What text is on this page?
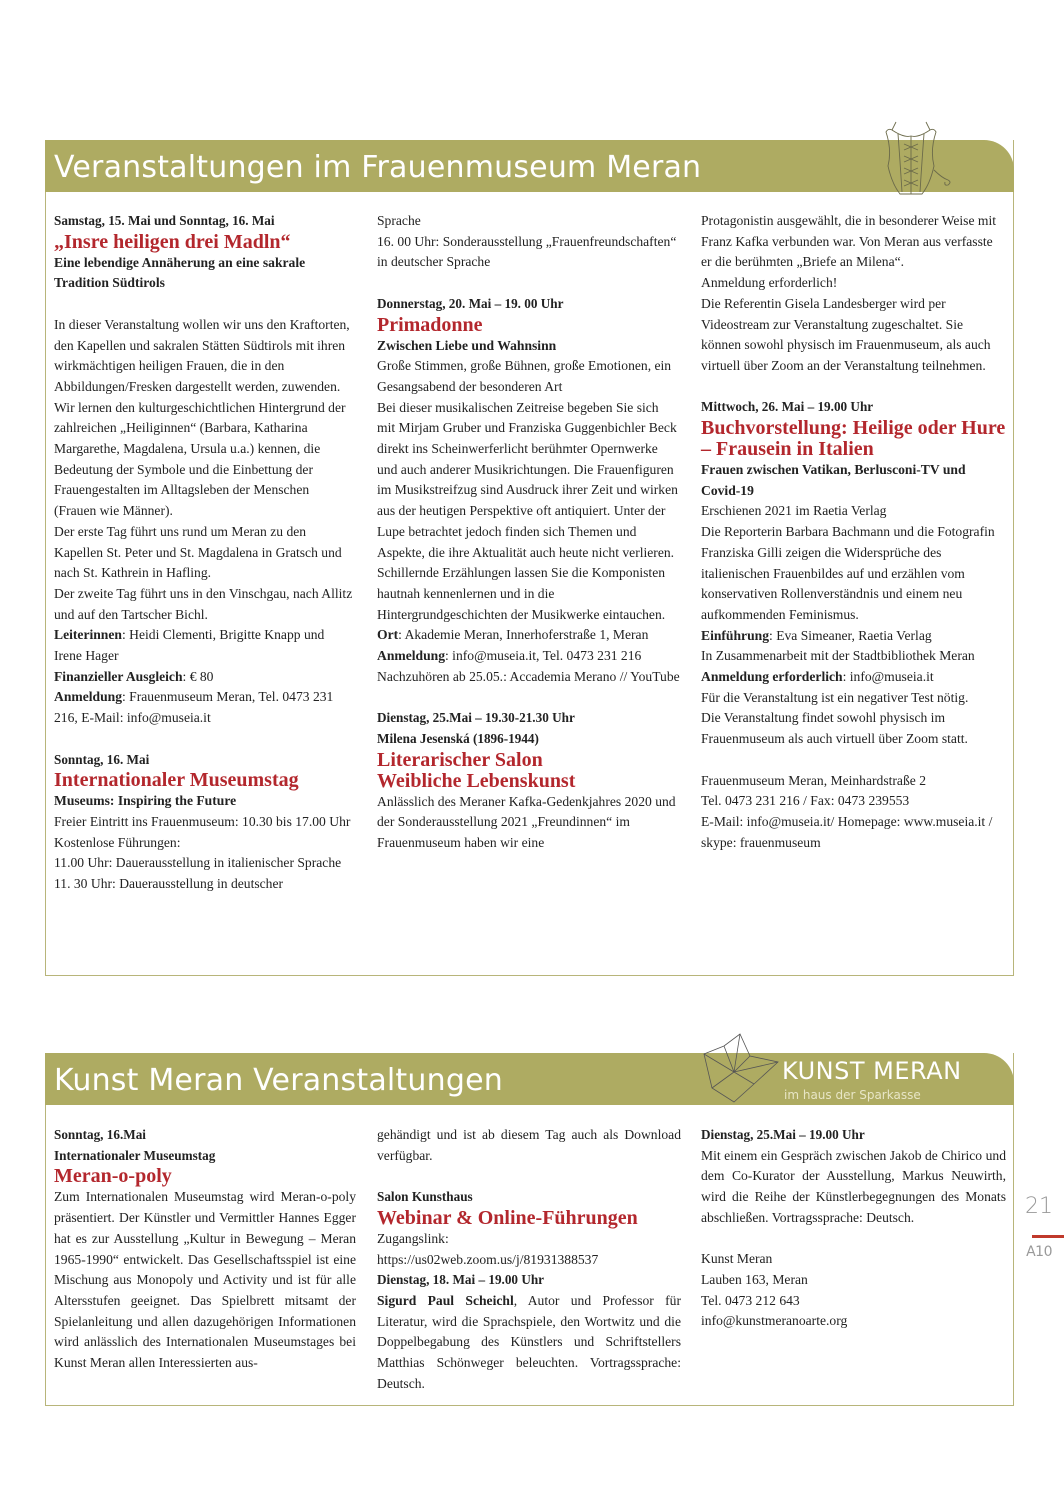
Veranstaltungen im Frauenmuseum Meran

Samstag, 15. Mai und Sonntag, 16. Mai

„Insre heiligen drei Madln“

Eine lebendige Annäherung an eine sakrale Tradition Südtirols

In dieser Veranstaltung wollen wir uns den Kraftorten, den Kapellen und sakralen Stätten Südtirols mit ihren wirkmächtigen heiligen Frauen, die in den Abbildungen/Fresken dargestellt werden, zuwenden. Wir lernen den kulturgeschichtlichen Hintergrund der zahlreichen „Heiliginnen“ (Barbara, Katharina Margarethe, Magdalena, Ursula u.a.) kennen, die Bedeutung der Symbole und die Einbettung der Frauengestalten im Alltagsleben der Menschen (Frauen wie Männer).

Der erste Tag führt uns rund um Meran zu den Kapellen St. Peter und St. Magdalena in Gratsch und nach St. Kathrein in Hafling.

Der zweite Tag führt uns in den Vinschgau, nach Allitz und auf den Tartscher Bichl.

Leiterinnen: Heidi Clementi, Brigitte Knapp und Irene Hager

Finanzieller Ausgleich: € 80

Anmeldung: Frauenmuseum Meran, Tel. 0473 231 216, E-Mail: info@museia.it

Sonntag, 16. Mai

Internationaler Museumstag

Museums: Inspiring the Future

Freier Eintritt ins Frauenmuseum: 10.30 bis 17.00 Uhr

Kostenlose Führungen:

11.00 Uhr: Dauerausstellung in italienischer Sprache

11. 30 Uhr: Dauerausstellung in deutscher

Sprache

16. 00 Uhr: Sonderausstellung „Frauenfreundschaften“ in deutscher Sprache

Donnerstag, 20. Mai – 19. 00 Uhr

Primadonne

Zwischen Liebe und Wahnsinn

Große Stimmen, große Bühnen, große Emotionen, ein Gesangsabend der besonderen Art

Bei dieser musikalischen Zeitreise begeben Sie sich mit Mirjam Gruber und Franziska Guggenbichler Beck direkt ins Scheinwerferlicht berühmter Opernwerke und auch anderer Musikrichtungen. Die Frauenfiguren im Musikstreifzug sind Ausdruck ihrer Zeit und wirken aus der heutigen Perspektive oft antiquiert. Unter der Lupe betrachtet jedoch finden sich Themen und Aspekte, die ihre Aktualität auch heute nicht verlieren.

Schillernde Erzählungen lassen Sie die Komponisten hautnah kennenlernen und in die Hintergrundgeschichten der Musikwerke eintauchen.

Ort: Akademie Meran, Innerhoferstraße 1, Meran

Anmeldung: info@museia.it, Tel. 0473 231 216

Nachzuhören ab 25.05.: Accademia Merano // YouTube

Dienstag, 25.Mai – 19.30-21.30 Uhr

Milena Jesenská (1896-1944)

Literarischer Salon

Weibliche Lebenskunst

Anlässlich des Meraner Kafka-Gedenkjahres 2020 und der Sonderausstellung 2021 „Freundinnen“ im Frauenmuseum haben wir eine

Protagonistin ausgewählt, die in besonderer Weise mit Franz Kafka verbunden war. Von Meran aus verfasste er die berühmten „Briefe an Milena“.

Anmeldung erforderlich!

Die Referentin Gisela Landesberger wird per Videostream zur Veranstaltung zugeschaltet. Sie können sowohl physisch im Frauenmuseum, als auch virtuell über Zoom an der Veranstaltung teilnehmen.

Mittwoch, 26. Mai – 19.00 Uhr

Buchvorstellung: Heilige oder Hure – Frausein in Italien

Frauen zwischen Vatikan, Berlusconi-TV und Covid-19

Erschienen 2021 im Raetia Verlag

Die Reporterin Barbara Bachmann und die Fotografin Franziska Gilli zeigen die Widersprüche des italienischen Frauenbildes auf und erzählen vom konservativen Rollenverständnis und einem neu aufkommenden Feminismus.

Einführung: Eva Simeaner, Raetia Verlag

In Zusammenarbeit mit der Stadtbibliothek Meran

Anmeldung erforderlich: info@museia.it

Für die Veranstaltung ist ein negativer Test nötig.

Die Veranstaltung findet sowohl physisch im Frauenmuseum als auch virtuell über Zoom statt.

Frauenmuseum Meran, Meinhardstraße 2

Tel. 0473 231 216 / Fax: 0473 239553

E-Mail: info@museia.it/ Homepage: www.museia.it / skype: frauenmuseum

Kunst Meran Veranstaltungen	KUNST MERAN
im haus der Sparkasse

Sonntag, 16.Mai

Internationaler Museumstag

Meran-o-poly

Zum Internationalen Museumstag wird Meran-o-poly präsentiert. Der Künstler und Vermittler Hannes Egger hat es zur Ausstellung „Kultur in Bewegung – Meran 1965-1990“ entwickelt. Das Gesellschaftsspiel ist eine Mischung aus Monopoly und Activity und ist für alle Altersstufen geeignet. Das Spielbrett mitsamt der Spielanleitung und allen dazugehörigen Informationen wird anlässlich des Internationalen Museumstages bei Kunst Meran allen Interessierten aus-

gehändigt und ist ab diesem Tag auch als Download verfügbar.

Salon Kunsthaus

Webinar & Online-Führungen

Zugangslink:

https://us02web.zoom.us/j/81931388537

Dienstag, 18. Mai – 19.00 Uhr

Sigurd Paul Scheichl, Autor und Professor für Literatur, wird die Sprachspiele, den Wortwitz und die Doppelbegabung des Künstlers und Schriftstellers Matthias Schönweger beleuchten. Vortragssprache: Deutsch.

Dienstag, 25.Mai – 19.00 Uhr

Mit einem ein Gespräch zwischen Jakob de Chirico und dem Co-Kurator der Ausstellung, Markus Neuwirth, wird die Reihe der Künstlerbegegnungen des Monats abschließen. Vortragssprache: Deutsch.

Kunst Meran

Lauben 163, Meran

Tel. 0473 212 643

info@kunstmeranoarte.org

21
A10
